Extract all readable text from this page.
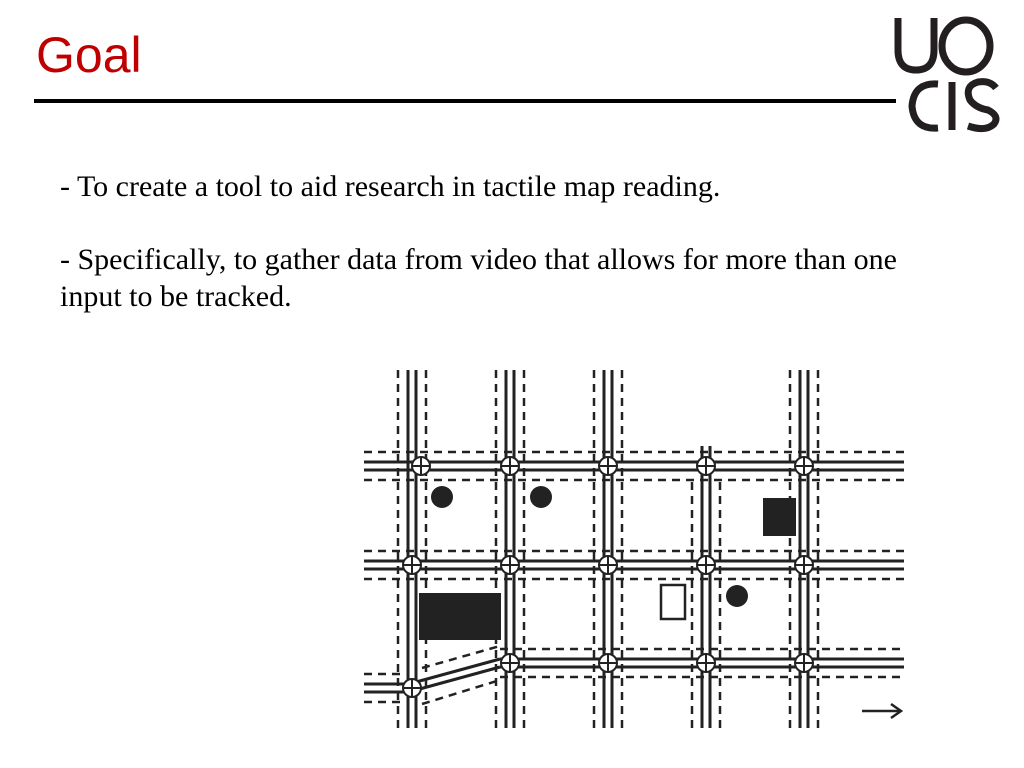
Goal

- To create a tool to aid research in tactile map reading.

- Specifically, to gather data from video that allows for more than one input to be tracked.
